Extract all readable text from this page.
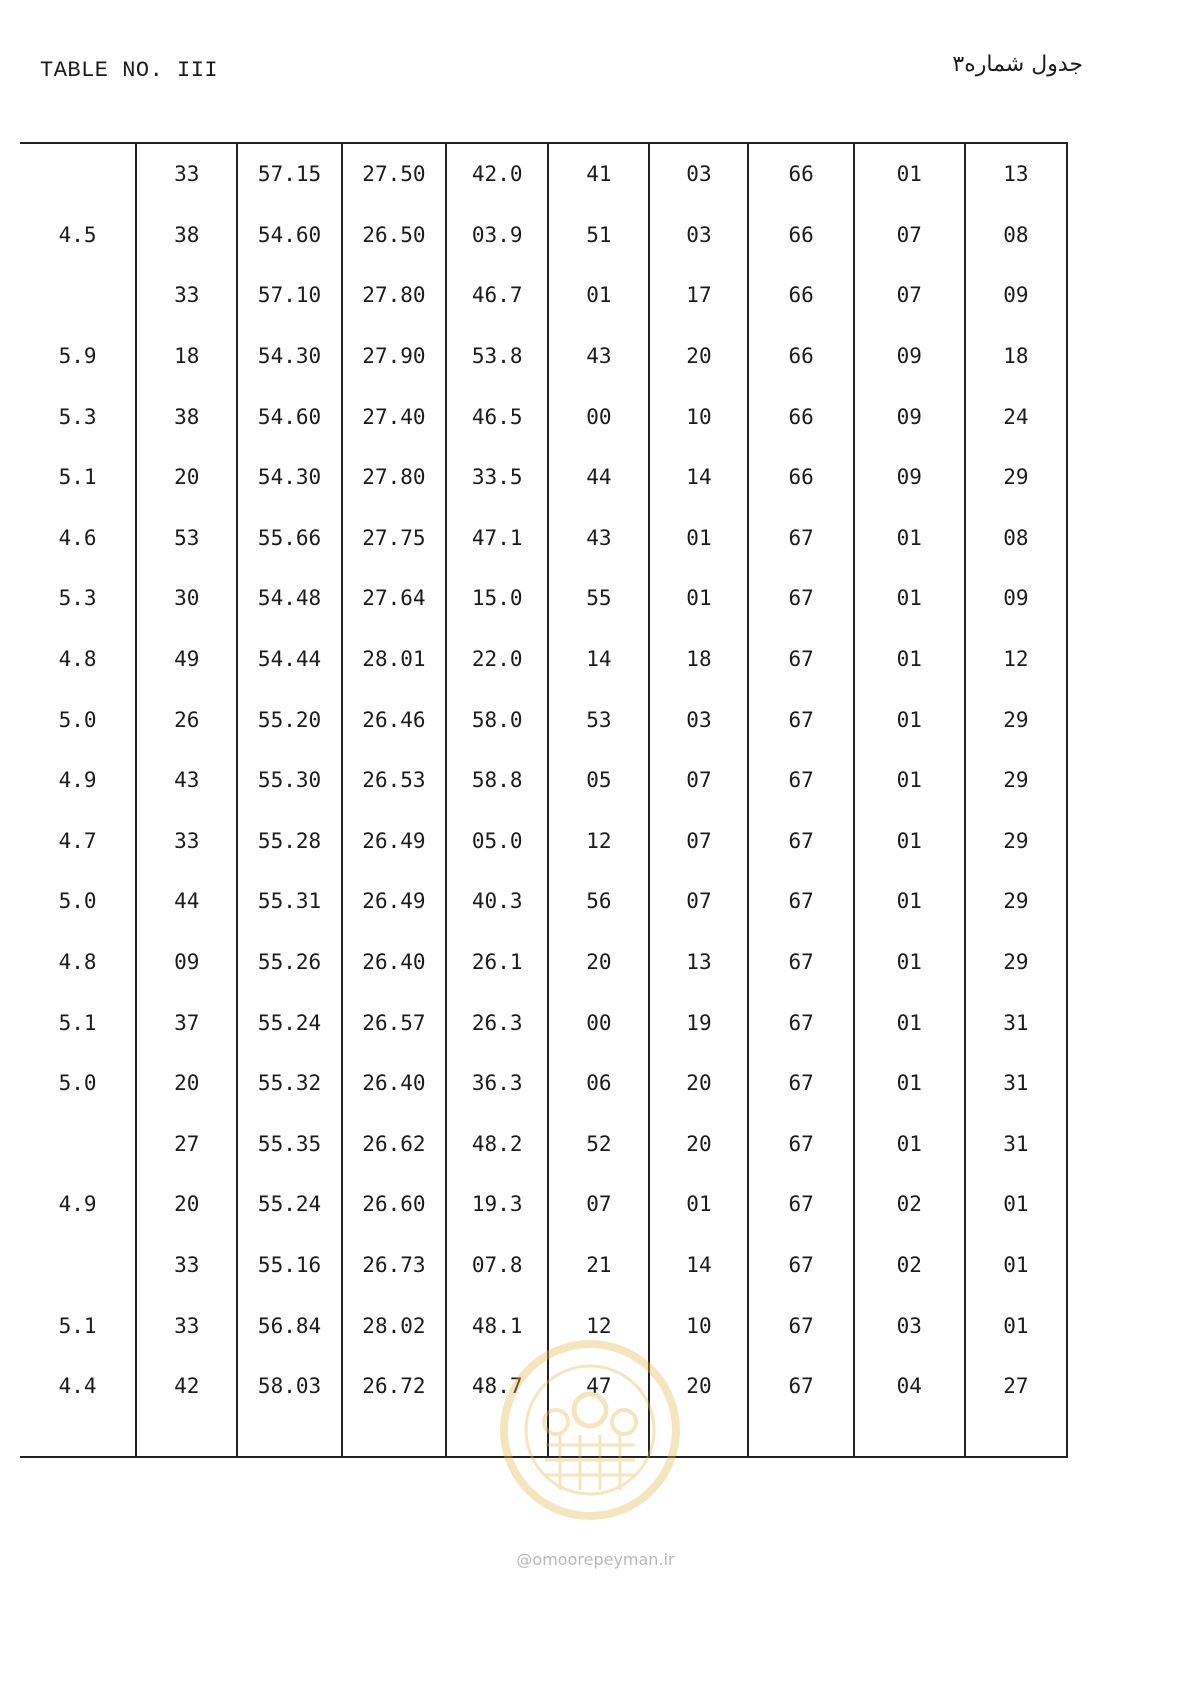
TABLE NO. III	جدول شماره۳
	33	57.15	27.50	42.0	41	03	66	01	13
4.5	38	54.60	26.50	03.9	51	03	66	07	08
	33	57.10	27.80	46.7	01	17	66	07	09
5.9	18	54.30	27.90	53.8	43	20	66	09	18
5.3	38	54.60	27.40	46.5	00	10	66	09	24
5.1	20	54.30	27.80	33.5	44	14	66	09	29
4.6	53	55.66	27.75	47.1	43	01	67	01	08
5.3	30	54.48	27.64	15.0	55	01	67	01	09
4.8	49	54.44	28.01	22.0	14	18	67	01	12
5.0	26	55.20	26.46	58.0	53	03	67	01	29
4.9	43	55.30	26.53	58.8	05	07	67	01	29
4.7	33	55.28	26.49	05.0	12	07	67	01	29
5.0	44	55.31	26.49	40.3	56	07	67	01	29
4.8	09	55.26	26.40	26.1	20	13	67	01	29
5.1	37	55.24	26.57	26.3	00	19	67	01	31
5.0	20	55.32	26.40	36.3	06	20	67	01	31
	27	55.35	26.62	48.2	52	20	67	01	31
4.9	20	55.24	26.60	19.3	07	01	67	02	01
	33	55.16	26.73	07.8	21	14	67	02	01
5.1	33	56.84	28.02	48.1	12	10	67	03	01
4.4	42	58.03	26.72	48.7	47	20	67	04	27

@omoorepeyman.ir
